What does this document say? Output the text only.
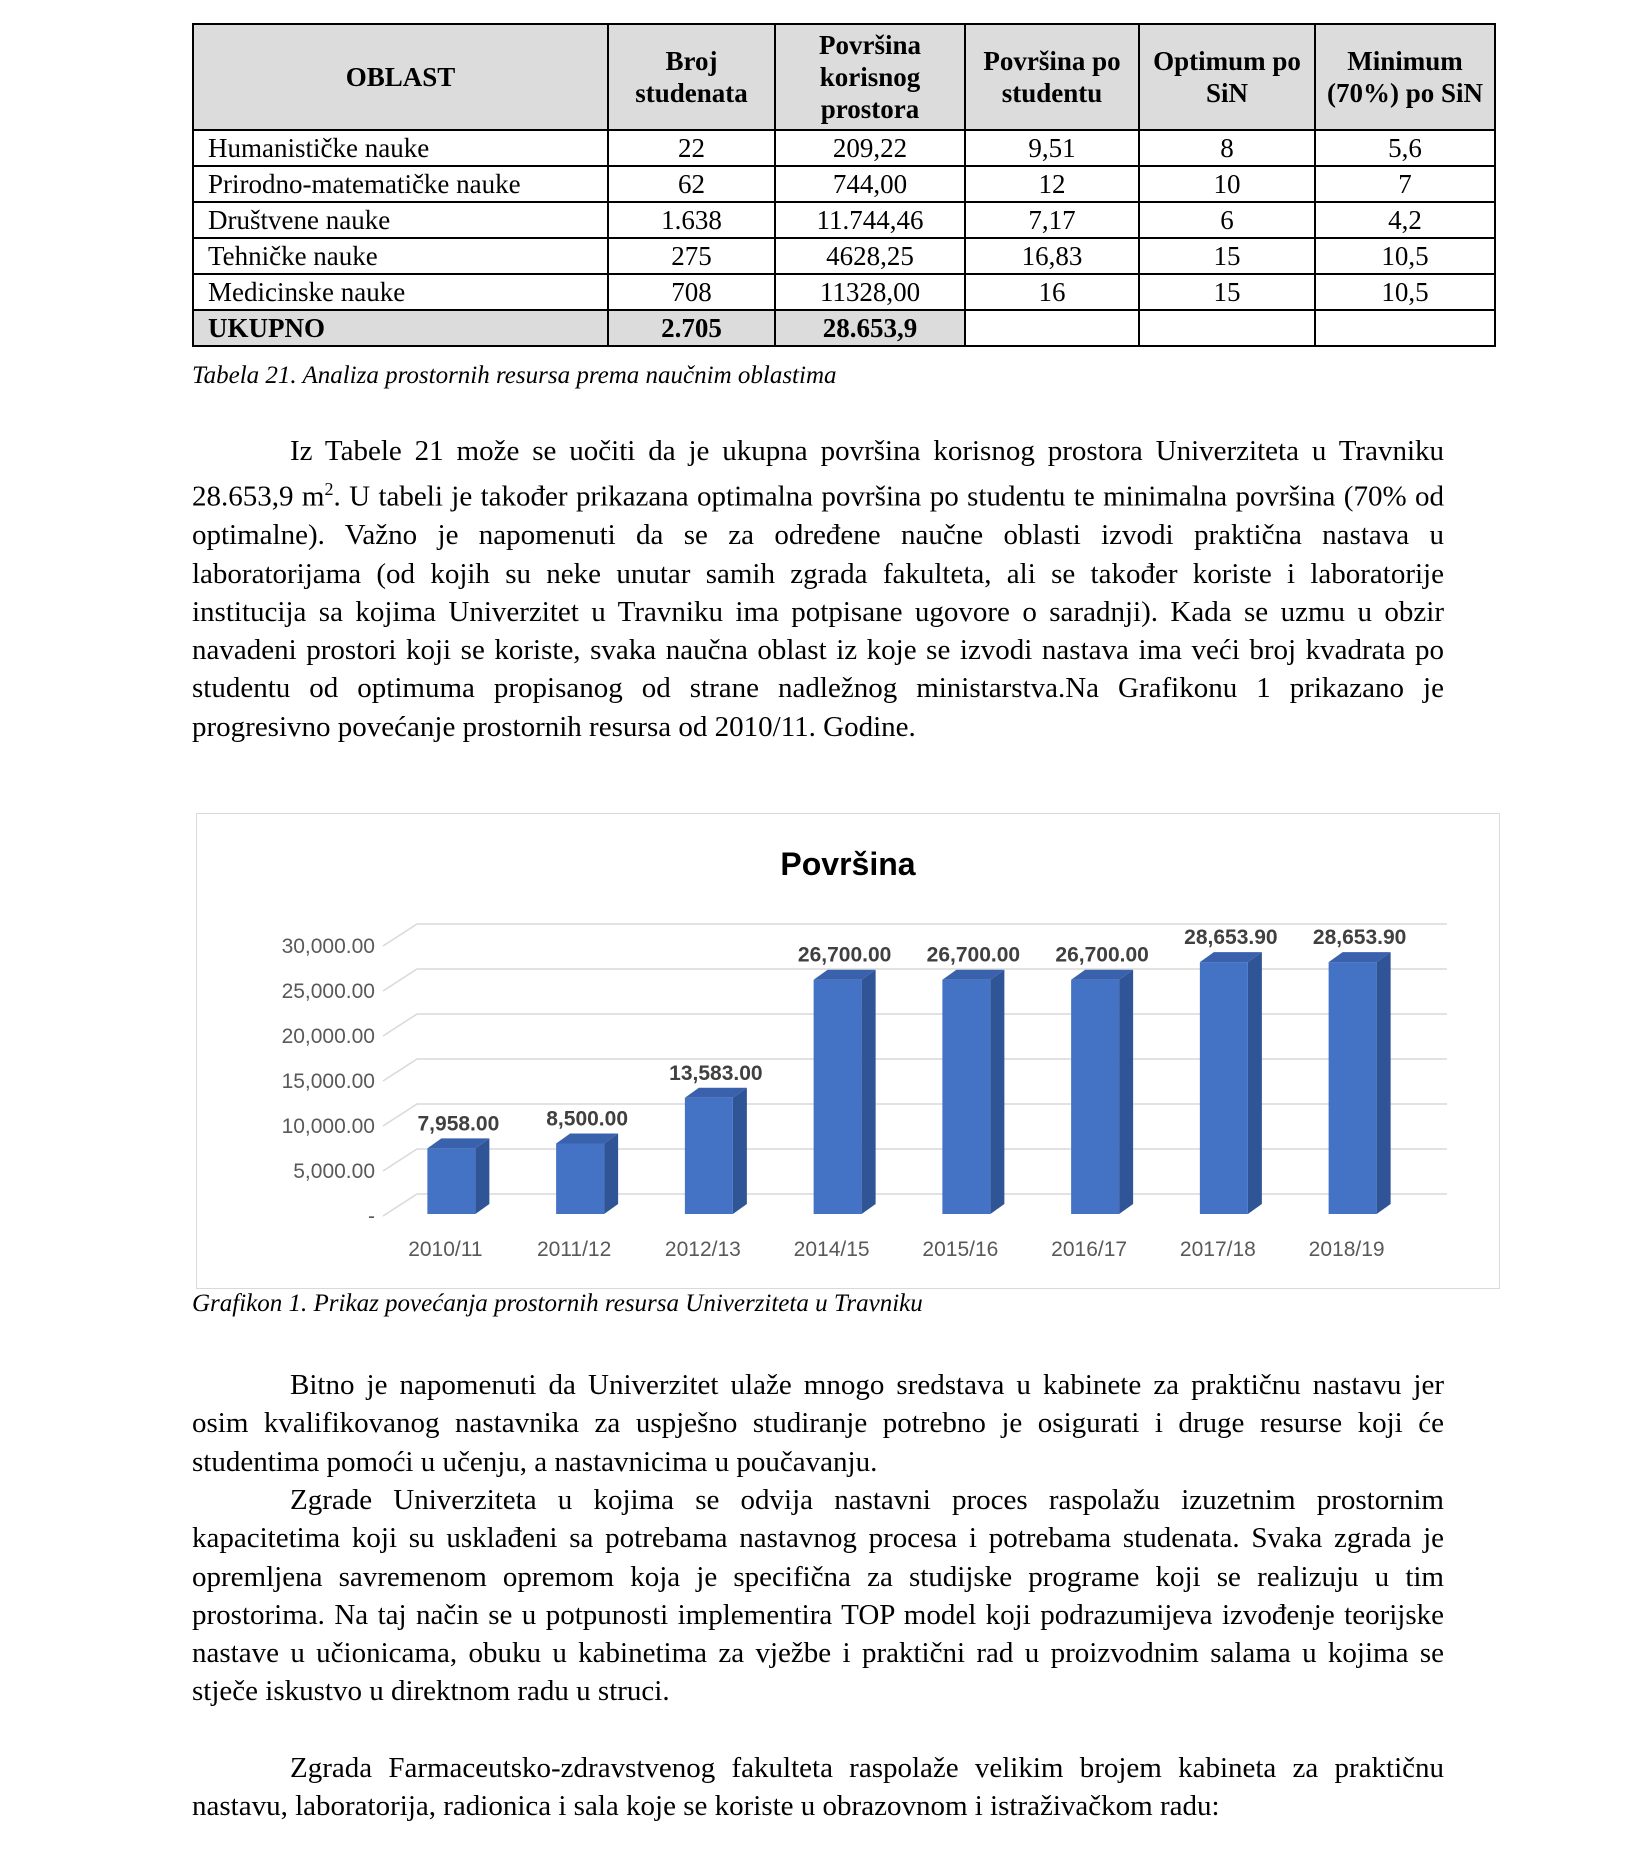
OBLAST	Broj studenata	Površina korisnog prostora	Površina po studentu	Optimum po SiN	Minimum (70%) po SiN
Humanističke nauke	22	209,22	9,51	8	5,6
Prirodno-matematičke nauke	62	744,00	12	10	7
Društvene nauke	1.638	11.744,46	7,17	6	4,2
Tehničke nauke	275	4628,25	16,83	15	10,5
Medicinske nauke	708	11328,00	16	15	10,5
UKUPNO	2.705	28.653,9			
Tabela 21. Analiza prostornih resursa prema naučnim oblastima

Iz Tabele 21 može se uočiti da je ukupna površina korisnog prostora Univerziteta u Travniku 28.653,9 $m^2$. U tabeli je također prikazana optimalna površina po studentu te minimalna površina (70% od optimalne). Važno je napomenuti da se za određene naučne oblasti izvodi praktična nastava u laboratorijama (od kojih su neke unutar samih zgrada fakulteta, ali se također koriste i laboratorije institucija sa kojima Univerzitet u Travniku ima potpisane ugovore o saradnji). Kada se uzmu u obzir navadeni prostori koji se koriste, svaka naučna oblast iz koje se izvodi nastava ima veći broj kvadrata po studentu od optimuma propisanog od strane nadležnog ministarstva.Na Grafikonu 1 prikazano je progresivno povećanje prostornih resursa od 2010/11. Godine.

Površina
-
5,000.00
10,000.00
15,000.00
20,000.00
25,000.00
30,000.00
2010/11	2011/12	2012/13	2014/15	2015/16	2016/17	2017/18	2018/19
7,958.00 8,500.00
13,583.00
26,700.00 26,700.00 26,700.00
28,653.90 28,653.90
Grafikon 1. Prikaz povećanja prostornih resursa Univerziteta u Travniku

Bitno je napomenuti da Univerzitet ulaže mnogo sredstava u kabinete za praktičnu nastavu jer osim kvalifikovanog nastavnika za uspješno studiranje potrebno je osigurati i druge resurse koji će studentima pomoći u učenju, a nastavnicima u poučavanju.

Zgrade Univerziteta u kojima se odvija nastavni proces raspolažu izuzetnim prostornim kapacitetima koji su usklađeni sa potrebama nastavnog procesa i potrebama studenata. Svaka zgrada je opremljena savremenom opremom koja je specifična za studijske programe koji se realizuju u tim prostorima. Na taj način se u potpunosti implementira TOP model koji podrazumijeva izvođenje teorijske nastave u učionicama, obuku u kabinetima za vježbe i praktični rad u proizvodnim salama u kojima se stječe iskustvo u direktnom radu u struci.

Zgrada Farmaceutsko-zdravstvenog fakulteta raspolaže velikim brojem kabineta za praktičnu nastavu, laboratorija, radionica i sala koje se koriste u obrazovnom i istraživačkom radu:
